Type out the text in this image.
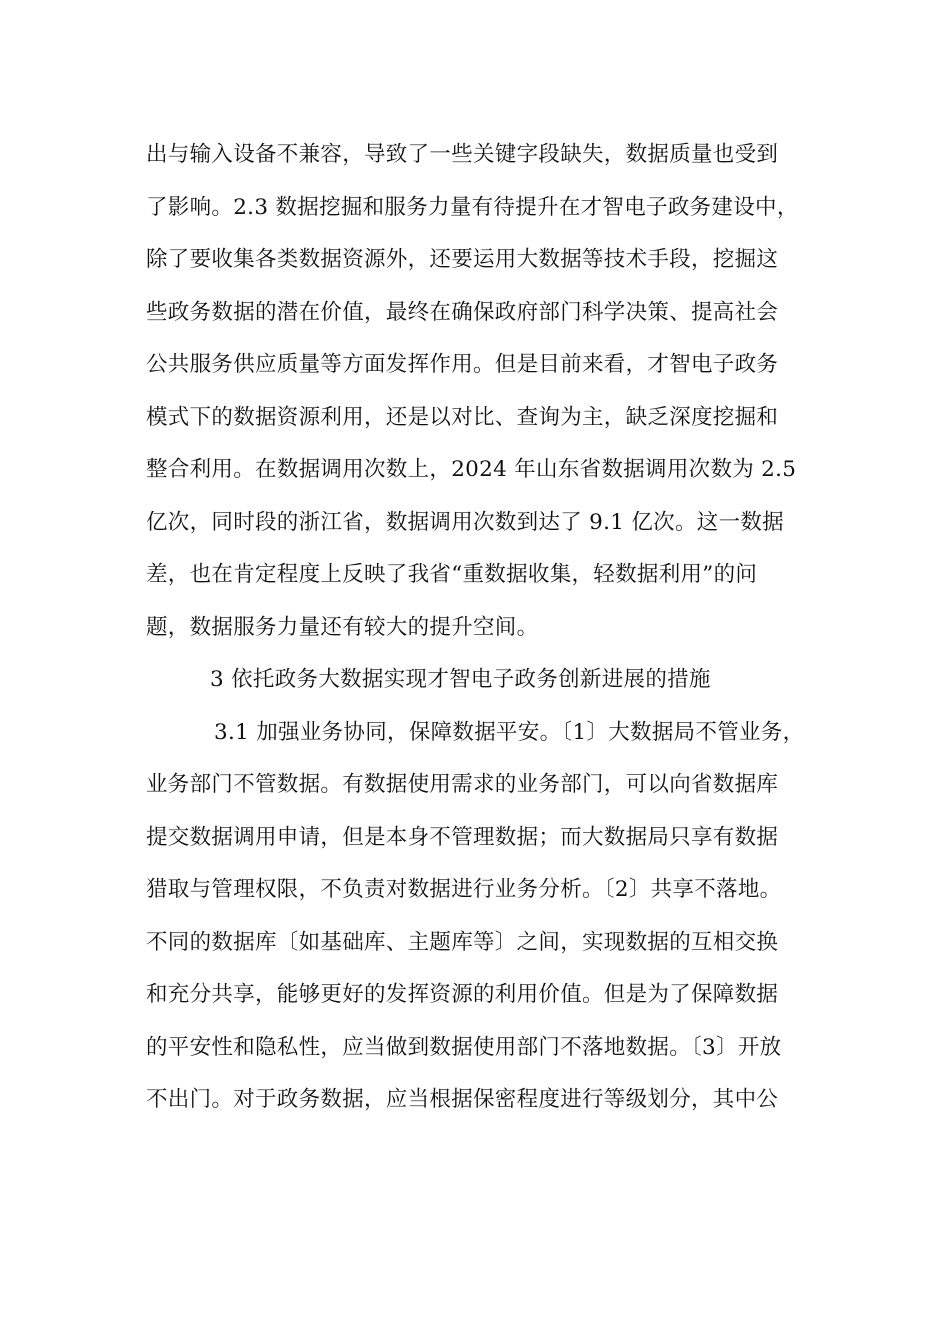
出与输入设备不兼容，导致了一些关键字段缺失，数据质量也受到
了影响。2.3 数据挖掘和服务力量有待提升在才智电子政务建设中，
除了要收集各类数据资源外，还要运用大数据等技术手段，挖掘这
些政务数据的潜在价值，最终在确保政府部门科学决策、提高社会
公共服务供应质量等方面发挥作用。但是目前来看，才智电子政务
模式下的数据资源利用，还是以对比、查询为主，缺乏深度挖掘和
整合利用。在数据调用次数上，2024 年山东省数据调用次数为 2.5
亿次，同时段的浙江省，数据调用次数到达了 9.1 亿次。这一数据
差，也在肯定程度上反映了我省“重数据收集，轻数据利用”的问
题，数据服务力量还有较大的提升空间。
3 依托政务大数据实现才智电子政务创新进展的措施
3.1 加强业务协同，保障数据平安。〔1〕大数据局不管业务，
业务部门不管数据。有数据使用需求的业务部门，可以向省数据库
提交数据调用申请，但是本身不管理数据；而大数据局只享有数据
猎取与管理权限，不负责对数据进行业务分析。〔2〕共享不落地。
不同的数据库〔如基础库、主题库等〕之间，实现数据的互相交换
和充分共享，能够更好的发挥资源的利用价值。但是为了保障数据
的平安性和隐私性，应当做到数据使用部门不落地数据。〔3〕开放
不出门。对于政务数据，应当根据保密程度进行等级划分，其中公
